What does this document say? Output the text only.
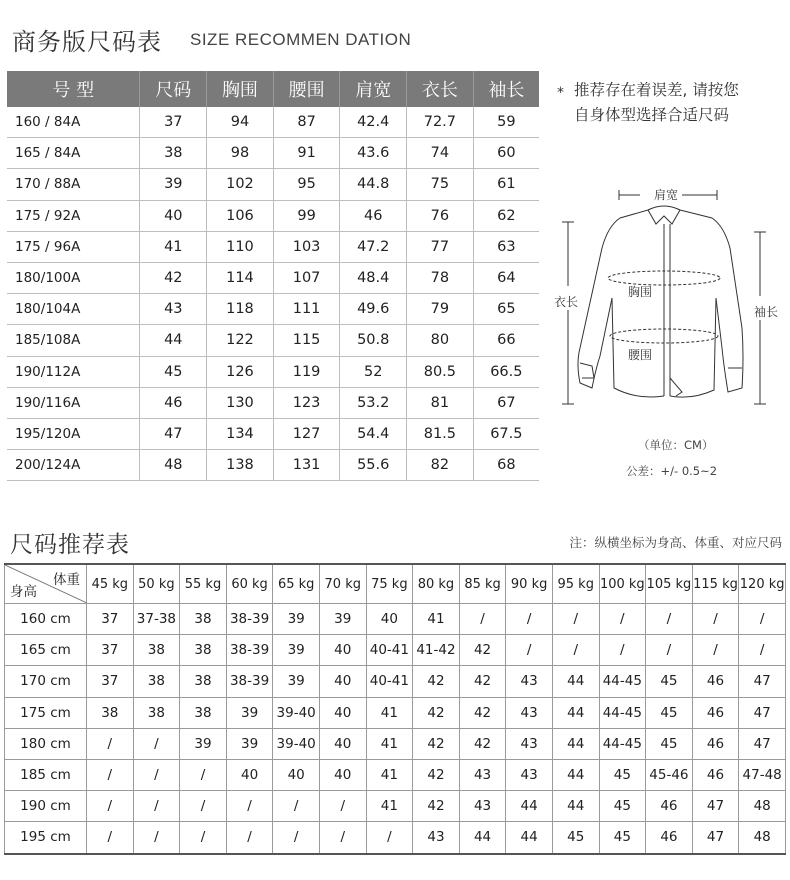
商务版尺码表 SIZE RECOMMEN DATION
号 型	尺码	胸围	腰围	肩宽	衣长	袖长
160 / 84A	37	94	87	42.4	72.7	59
165 / 84A	38	98	91	43.6	74	60
170 / 88A	39	102	95	44.8	75	61
175 / 92A	40	106	99	46	76	62
175 / 96A	41	110	103	47.2	77	63
180/100A	42	114	107	48.4	78	64
180/104A	43	118	111	49.6	79	65
185/108A	44	122	115	50.8	80	66
190/112A	45	126	119	52	80.5	66.5
190/116A	46	130	123	53.2	81	67
195/120A	47	134	127	54.4	81.5	67.5
200/124A	48	138	131	55.6	82	68
* 推荐存在着误差, 请按您
自身体型选择合适尺码
肩宽
胸围
腰围
衣长
袖长
（单位：CM）
公差：+/- 0.5~2
尺码推荐表	注：纵横坐标为身高、体重、对应尺码
体重
身高	45 kg	50 kg	55 kg	60 kg	65 kg	70 kg	75 kg	80 kg	85 kg	90 kg	95 kg	100 kg	105 kg	115 kg	120 kg
160 cm	37	37-38	38	38-39	39	39	40	41	/	/	/	/	/	/	/
165 cm	37	38	38	38-39	39	40	40-41	41-42	42	/	/	/	/	/	/
170 cm	37	38	38	38-39	39	40	40-41	42	42	43	44	44-45	45	46	47
175 cm	38	38	38	39	39-40	40	41	42	42	43	44	44-45	45	46	47
180 cm	/	/	39	39	39-40	40	41	42	42	43	44	44-45	45	46	47
185 cm	/	/	/	40	40	40	41	42	43	43	44	45	45-46	46	47-48
190 cm	/	/	/	/	/	/	41	42	43	44	44	45	46	47	48
195 cm	/	/	/	/	/	/	/	43	44	44	45	45	46	47	48
